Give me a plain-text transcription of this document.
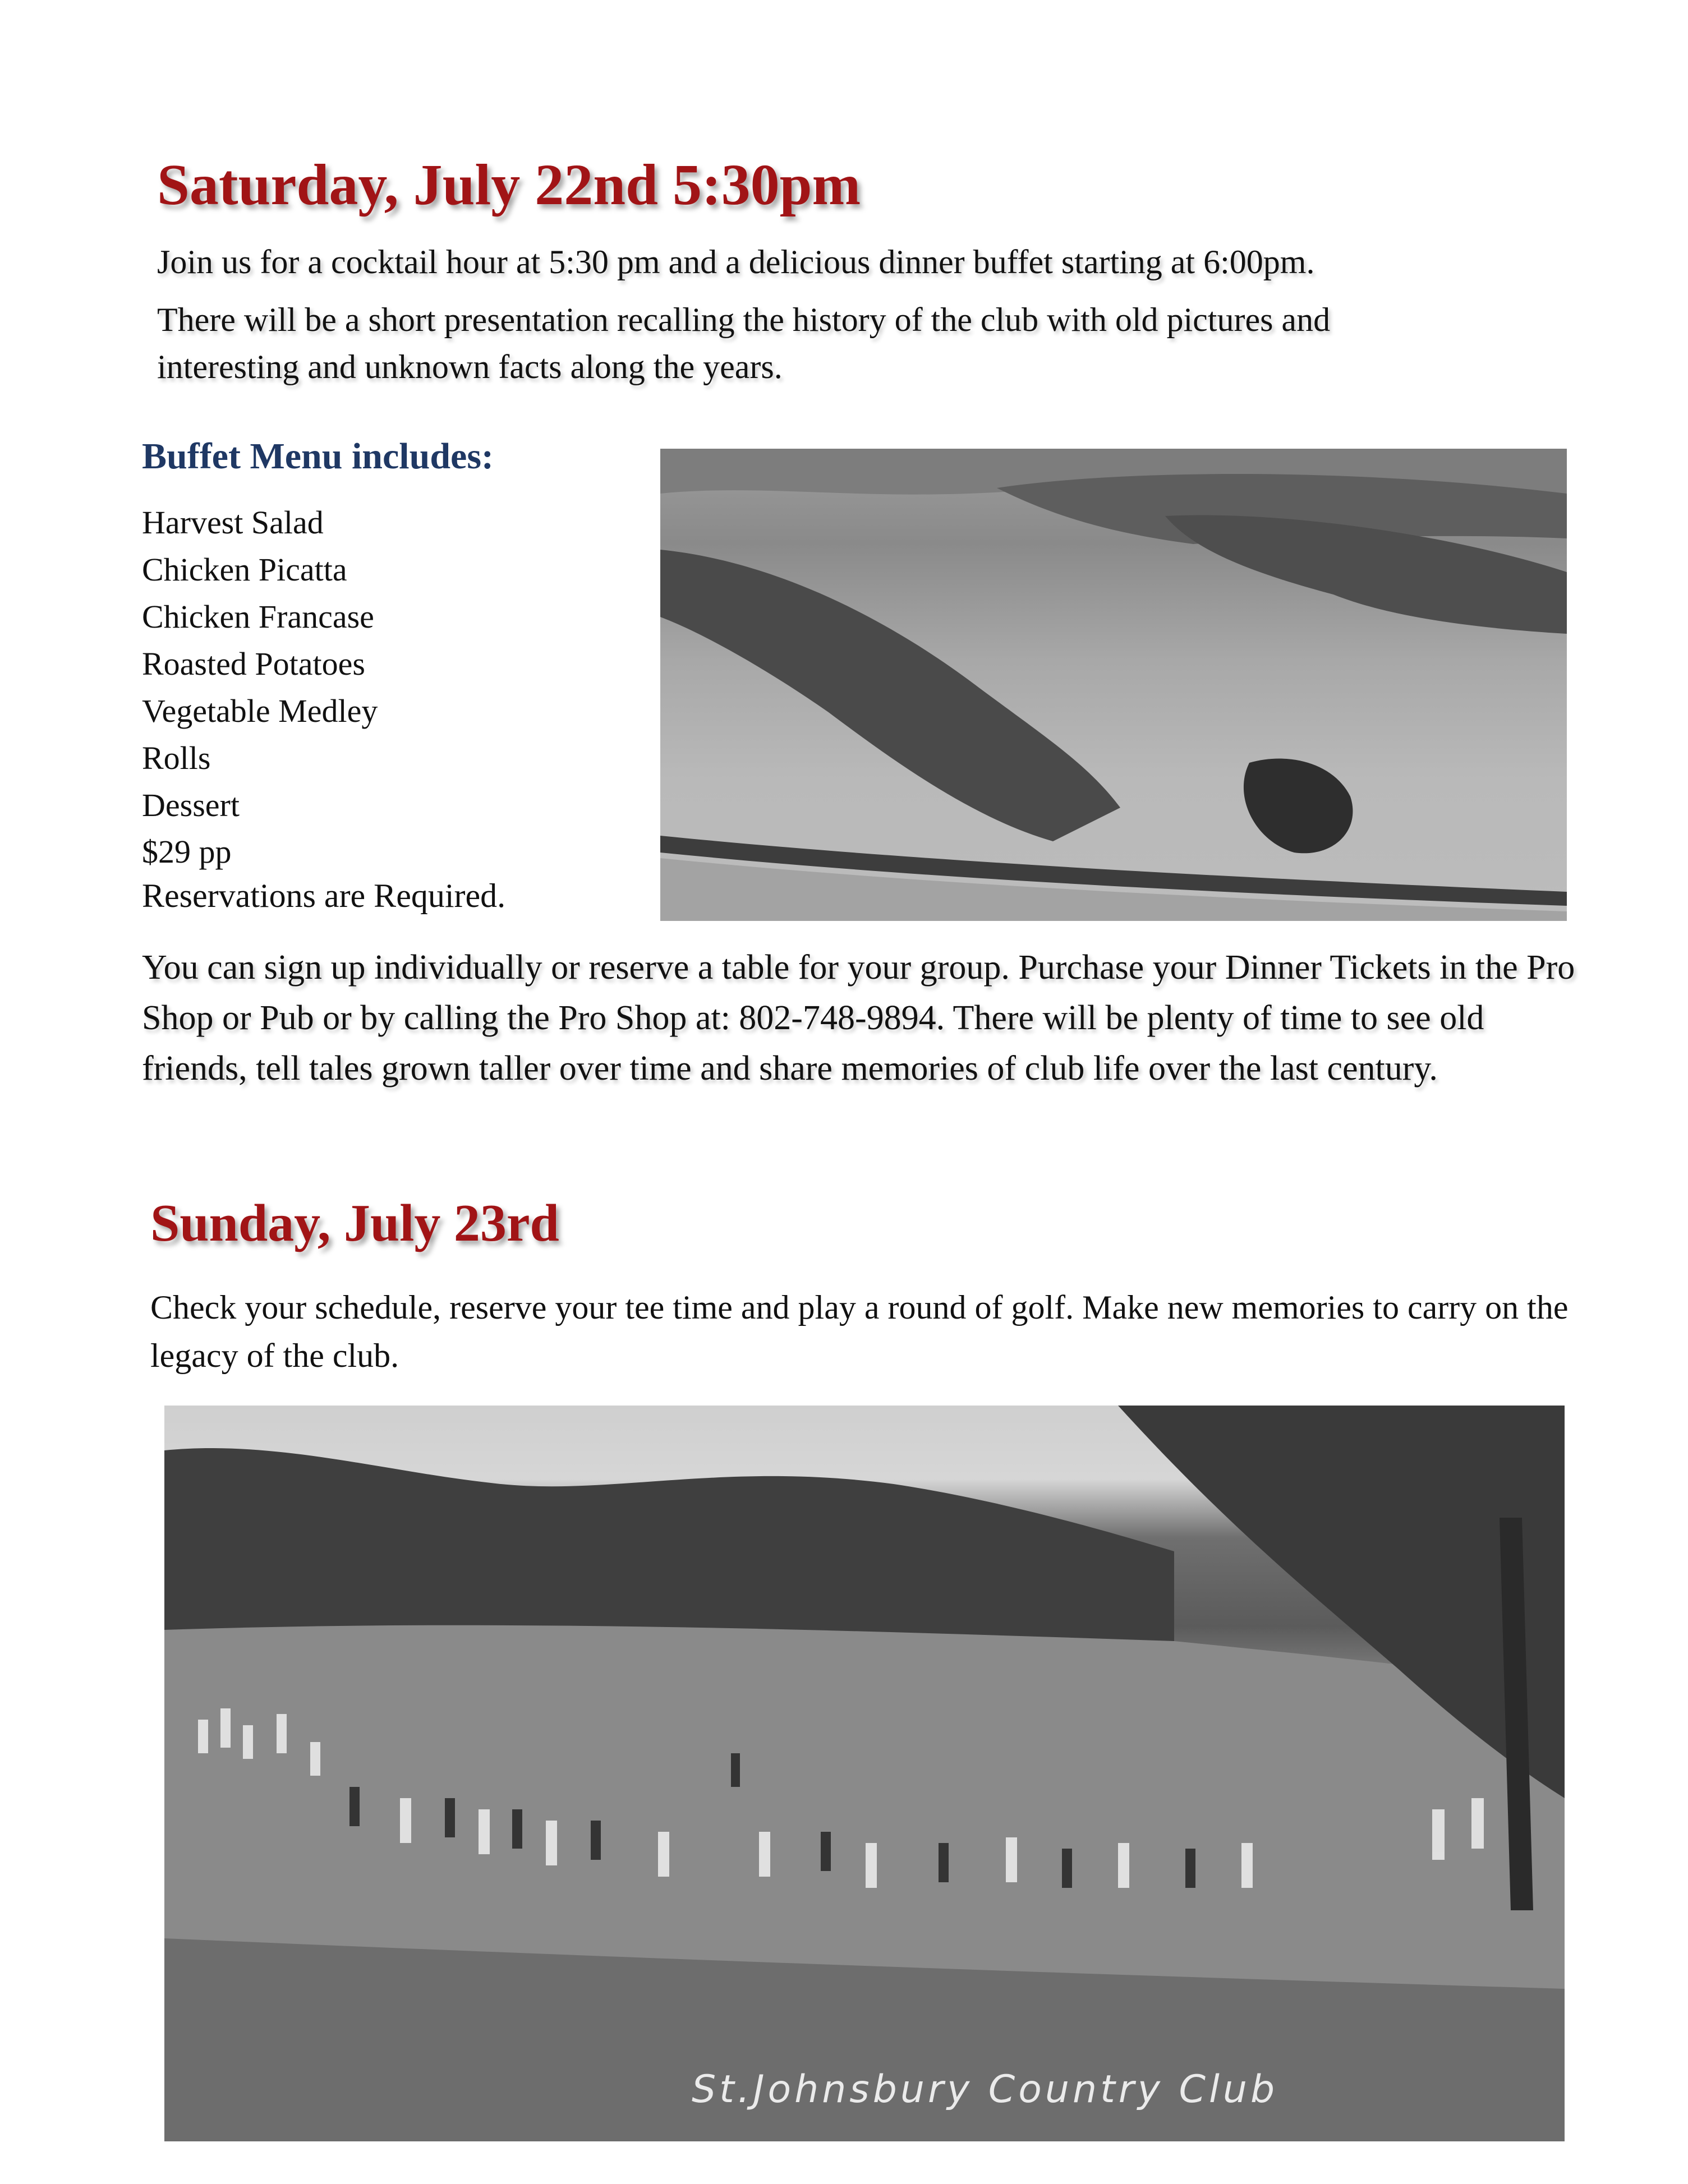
Saturday, July 22nd 5:30pm

Join us for a cocktail hour at 5:30 pm and a delicious dinner buffet starting at 6:00pm.

There will be a short presentation recalling the history of the club with old pictures and

interesting and unknown facts along the years.

Buffet Menu includes:
Harvest Salad
Chicken Picatta
Chicken Francase
Roasted Potatoes
Vegetable Medley
Rolls
Dessert

$29 pp

Reservations are Required.

You can sign up individually or reserve a table for your group. Purchase your Dinner Tickets in the Pro Shop or Pub or by calling the Pro Shop at: 802-748-9894. There will be plenty of time to see old friends, tell tales grown taller over time and share memories of club life over the last century.

Sunday, July 23rd

Check your schedule, reserve your tee time and play a round of golf. Make new memories to carry on the legacy of the club.

St.Johnsbury Country Club
